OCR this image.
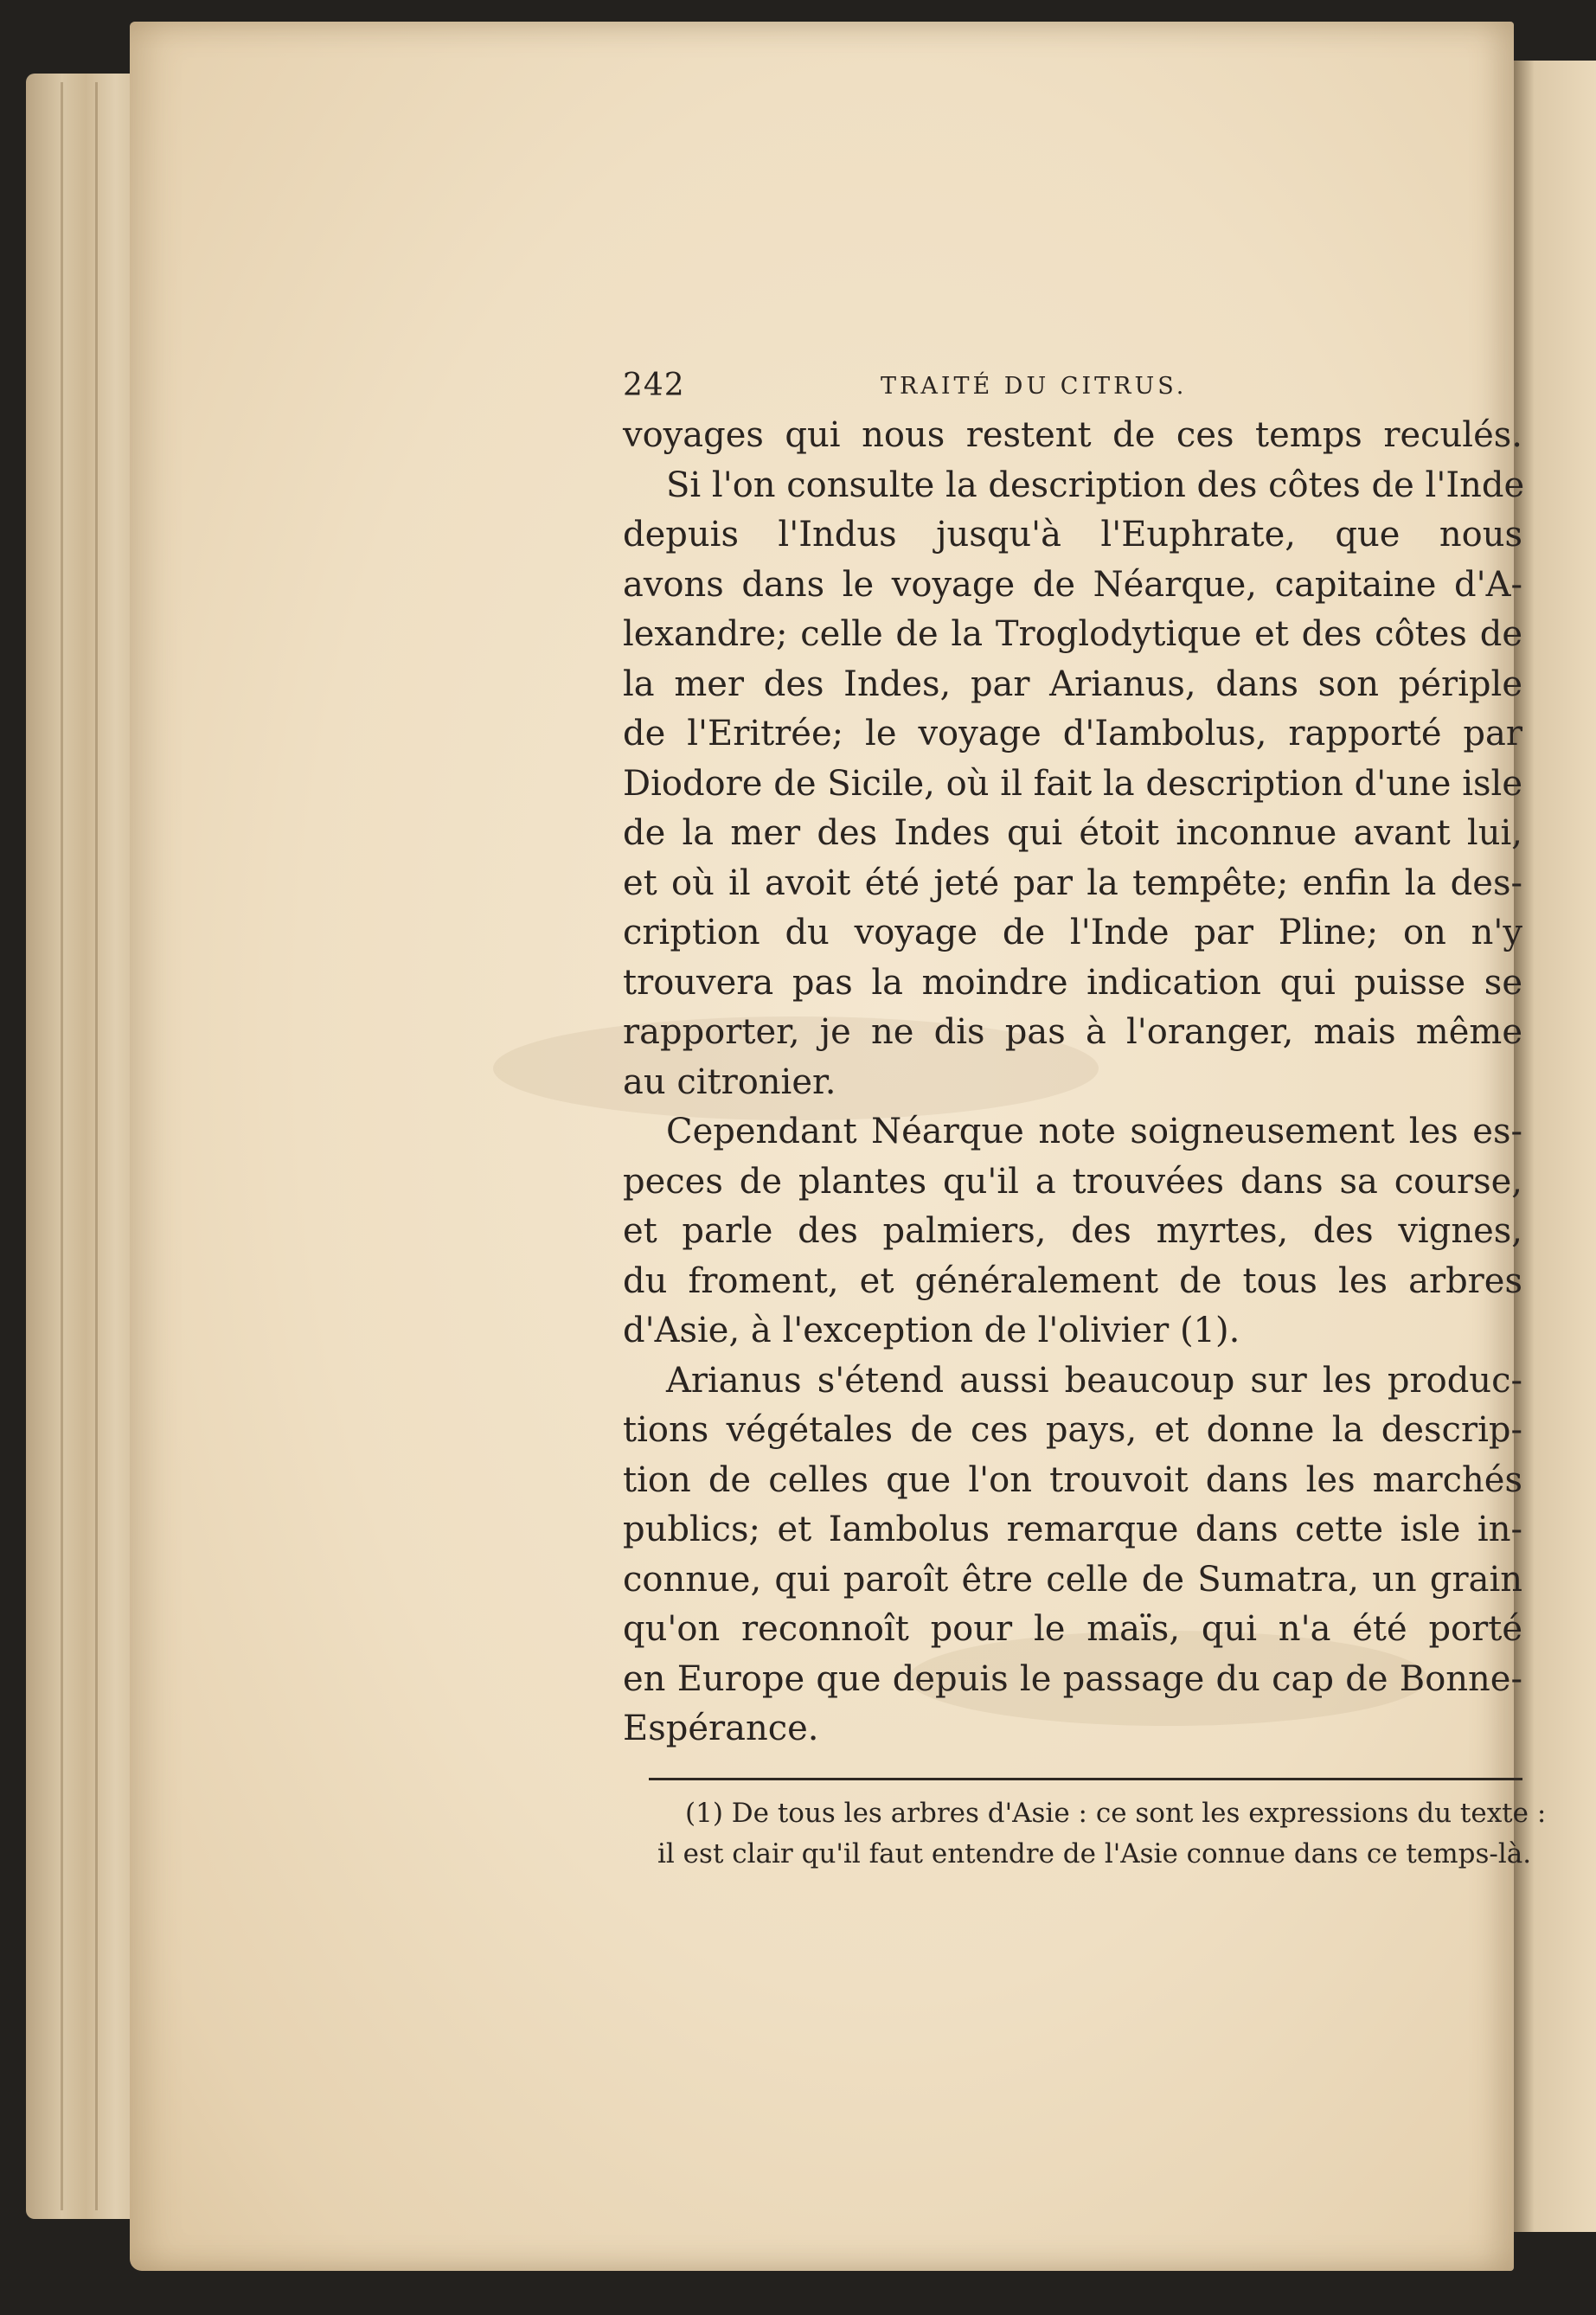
242	TRAITÉ DU CITRUS.
voyages qui nous restent de ces temps reculés.
Si l'on consulte la description des côtes de l'Inde
depuis l'Indus jusqu'à l'Euphrate, que nous
avons dans le voyage de Néarque, capitaine d'A-
lexandre; celle de la Troglodytique et des côtes de
la mer des Indes, par Arianus, dans son périple
de l'Eritrée; le voyage d'Iambolus, rapporté par
Diodore de Sicile, où il fait la description d'une isle
de la mer des Indes qui étoit inconnue avant lui,
et où il avoit été jeté par la tempête; enfin la des-
cription du voyage de l'Inde par Pline; on n'y
trouvera pas la moindre indication qui puisse se
rapporter, je ne dis pas à l'oranger, mais même
au citronier.
Cependant Néarque note soigneusement les es-
peces de plantes qu'il a trouvées dans sa course,
et parle des palmiers, des myrtes, des vignes,
du froment, et généralement de tous les arbres
d'Asie, à l'exception de l'olivier (1).
Arianus s'étend aussi beaucoup sur les produc-
tions végétales de ces pays, et donne la descrip-
tion de celles que l'on trouvoit dans les marchés
publics; et Iambolus remarque dans cette isle in-
connue, qui paroît être celle de Sumatra, un grain
qu'on reconnoît pour le maïs, qui n'a été porté
en Europe que depuis le passage du cap de Bonne-
Espérance.
(1) De tous les arbres d'Asie : ce sont les expressions du texte :
il est clair qu'il faut entendre de l'Asie connue dans ce temps-là.
